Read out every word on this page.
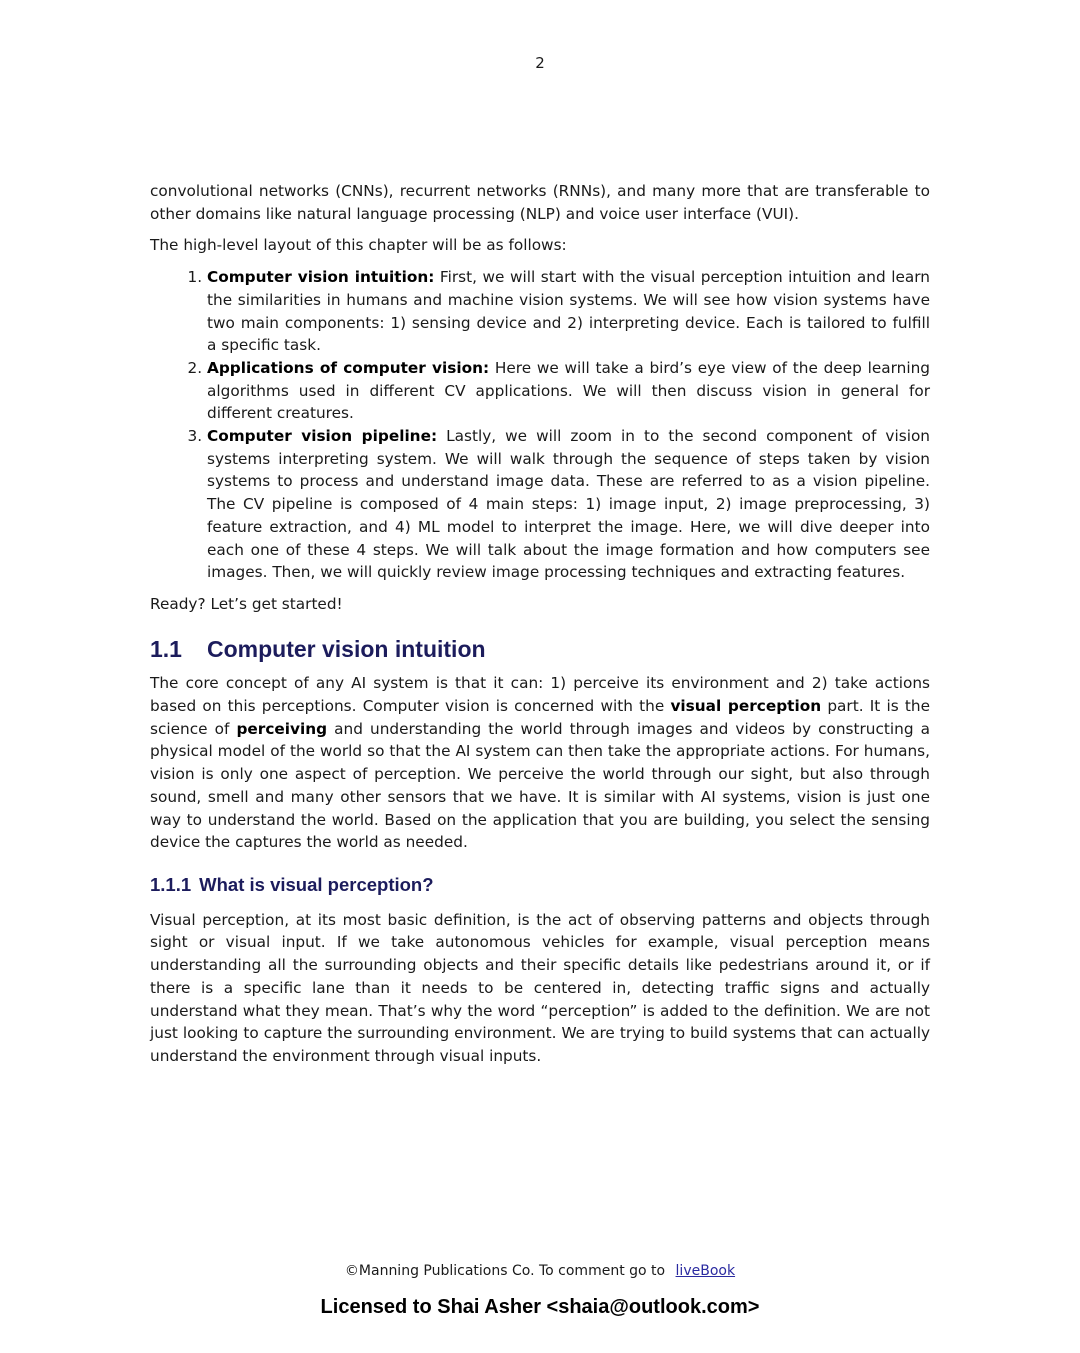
2

convolutional networks (CNNs), recurrent networks (RNNs), and many more that are transferable to other domains like natural language processing (NLP) and voice user interface (VUI).

The high-level layout of this chapter will be as follows:

1. Computer vision intuition: First, we will start with the visual perception intuition and learn the similarities in humans and machine vision systems. We will see how vision systems have two main components: 1) sensing device and 2) interpreting device. Each is tailored to fulfill a specific task.
2. Applications of computer vision: Here we will take a bird’s eye view of the deep learning algorithms used in different CV applications. We will then discuss vision in general for different creatures.
3. Computer vision pipeline: Lastly, we will zoom in to the second component of vision systems interpreting system. We will walk through the sequence of steps taken by vision systems to process and understand image data. These are referred to as a vision pipeline. The CV pipeline is composed of 4 main steps: 1) image input, 2) image preprocessing, 3) feature extraction, and 4) ML model to interpret the image. Here, we will dive deeper into each one of these 4 steps. We will talk about the image formation and how computers see images. Then, we will quickly review image processing techniques and extracting features.

Ready? Let’s get started!

1.1 Computer vision intuition

The core concept of any AI system is that it can: 1) perceive its environment and 2) take actions based on this perceptions. Computer vision is concerned with the visual perception part. It is the science of perceiving and understanding the world through images and videos by constructing a physical model of the world so that the AI system can then take the appropriate actions. For humans, vision is only one aspect of perception. We perceive the world through our sight, but also through sound, smell and many other sensors that we have. It is similar with AI systems, vision is just one way to understand the world. Based on the application that you are building, you select the sensing device the captures the world as needed.

1.1.1 What is visual perception?

Visual perception, at its most basic definition, is the act of observing patterns and objects through sight or visual input. If we take autonomous vehicles for example, visual perception means understanding all the surrounding objects and their specific details like pedestrians around it, or if there is a specific lane than it needs to be centered in, detecting traffic signs and actually understand what they mean. That’s why the word “perception” is added to the definition. We are not just looking to capture the surrounding environment. We are trying to build systems that can actually understand the environment through visual inputs.

©Manning Publications Co. To comment go to liveBook
Licensed to Shai Asher <shaia@outlook.com>
